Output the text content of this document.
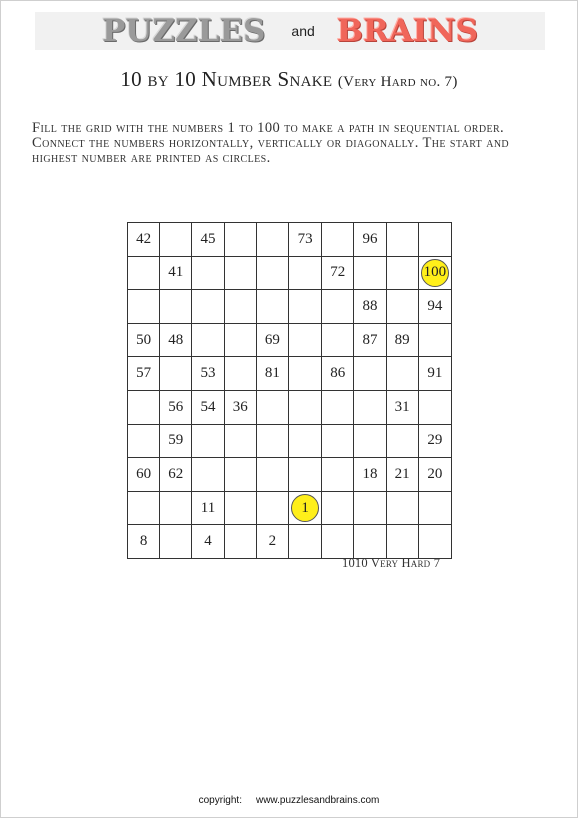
PUZZLES and BRAINS
10 by 10 Number Snake (Very Hard no. 7)
Fill the grid with the numbers 1 to 100 to make a path in sequential order. Connect the numbers horizontally, vertically or diagonally. The start and highest number are printed as circles.
42		45			73		96		
	41					72			100
							88		94
50	48			69			87	89	
57		53		81		86			91
	56	54	36					31	
	59								29
60	62						18	21	20
		11			1				
8		4		2					
1010 Very Hard 7
copyright: www.puzzlesandbrains.com
